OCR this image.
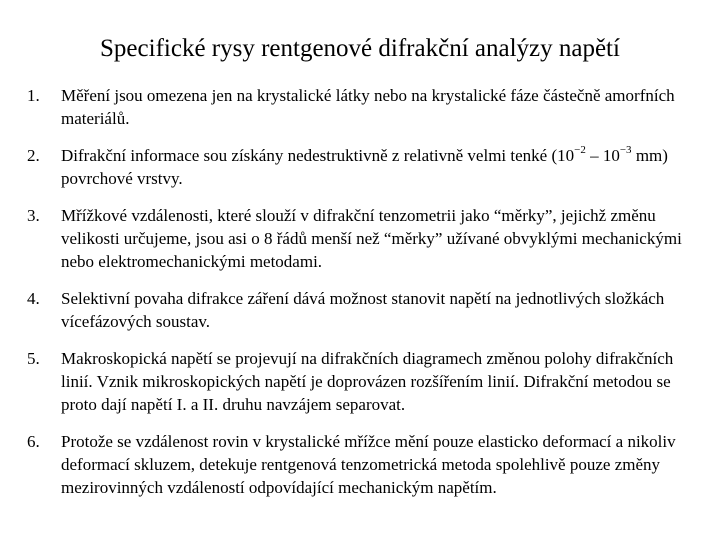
Specifické rysy rentgenové difrakční analýzy napětí
1. Měření jsou omezena jen na krystalické látky nebo na krystalické fáze částečně amorfních materiálů.
2. Difrakční informace sou získány nedestruktivně z relativně velmi tenké ($10^{-2} - 10^{-3}$ mm) povrchové vrstvy.
3. Mřížkové vzdálenosti, které slouží v difrakční tenzometrii jako “měrky”, jejichž změnu velikosti určujeme, jsou asi o 8 řádů menší než “měrky” užívané obvyklými mechanickými nebo elektromechanickými metodami.
4. Selektivní povaha difrakce záření dává možnost stanovit napětí na jednotlivých složkách vícefázových soustav.
5. Makroskopická napětí se projevují na difrakčních diagramech změnou polohy difrakčních linií. Vznik mikroskopických napětí je doprovázen rozšířením linií. Difrakční metodou se proto dají napětí I. a II. druhu navzájem separovat.
6. Protože se vzdálenost rovin v krystalické mřížce mění pouze elasticko deformací a nikoliv deformací skluzem, detekuje rentgenová tenzometrická metoda spolehlivě pouze změny mezirovinných vzdáleností odpovídající mechanickým napětím.
